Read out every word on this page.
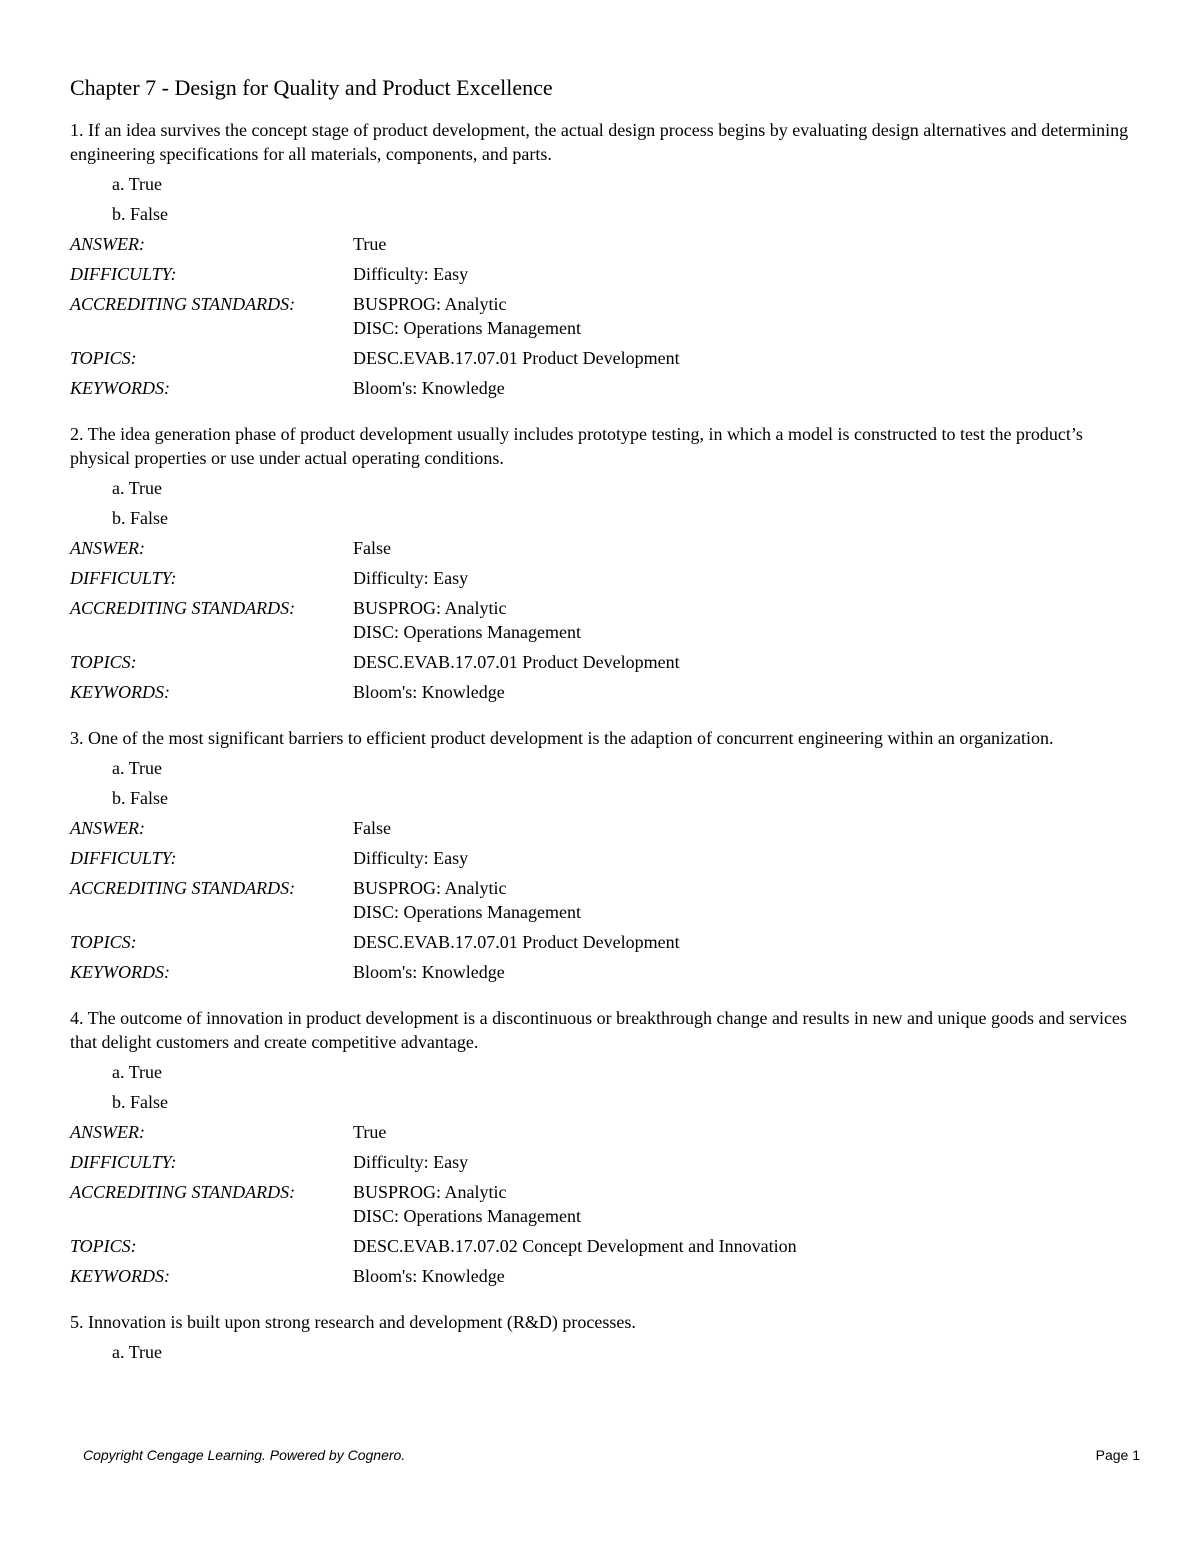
Chapter 7 - Design for Quality and Product Excellence
1. If an idea survives the concept stage of product development, the actual design process begins by evaluating design alternatives and determining engineering specifications for all materials, components, and parts.
a. True
b. False
ANSWER:	True
DIFFICULTY:	Difficulty: Easy
ACCREDITING STANDARDS:	BUSPROG: Analytic
DISC: Operations Management
TOPICS:	DESC.EVAB.17.07.01 Product Development
KEYWORDS:	Bloom's: Knowledge
2. The idea generation phase of product development usually includes prototype testing, in which a model is constructed to test the product’s physical properties or use under actual operating conditions.
a. True
b. False
ANSWER:	False
DIFFICULTY:	Difficulty: Easy
ACCREDITING STANDARDS:	BUSPROG: Analytic
DISC: Operations Management
TOPICS:	DESC.EVAB.17.07.01 Product Development
KEYWORDS:	Bloom's: Knowledge
3. One of the most significant barriers to efficient product development is the adaption of concurrent engineering within an organization.
a. True
b. False
ANSWER:	False
DIFFICULTY:	Difficulty: Easy
ACCREDITING STANDARDS:	BUSPROG: Analytic
DISC: Operations Management
TOPICS:	DESC.EVAB.17.07.01 Product Development
KEYWORDS:	Bloom's: Knowledge
4. The outcome of innovation in product development is a discontinuous or breakthrough change and results in new and unique goods and services that delight customers and create competitive advantage.
a. True
b. False
ANSWER:	True
DIFFICULTY:	Difficulty: Easy
ACCREDITING STANDARDS:	BUSPROG: Analytic
DISC: Operations Management
TOPICS:	DESC.EVAB.17.07.02 Concept Development and Innovation
KEYWORDS:	Bloom's: Knowledge
5. Innovation is built upon strong research and development (R&D) processes.
a. True
Copyright Cengage Learning. Powered by Cognero.	Page 1
